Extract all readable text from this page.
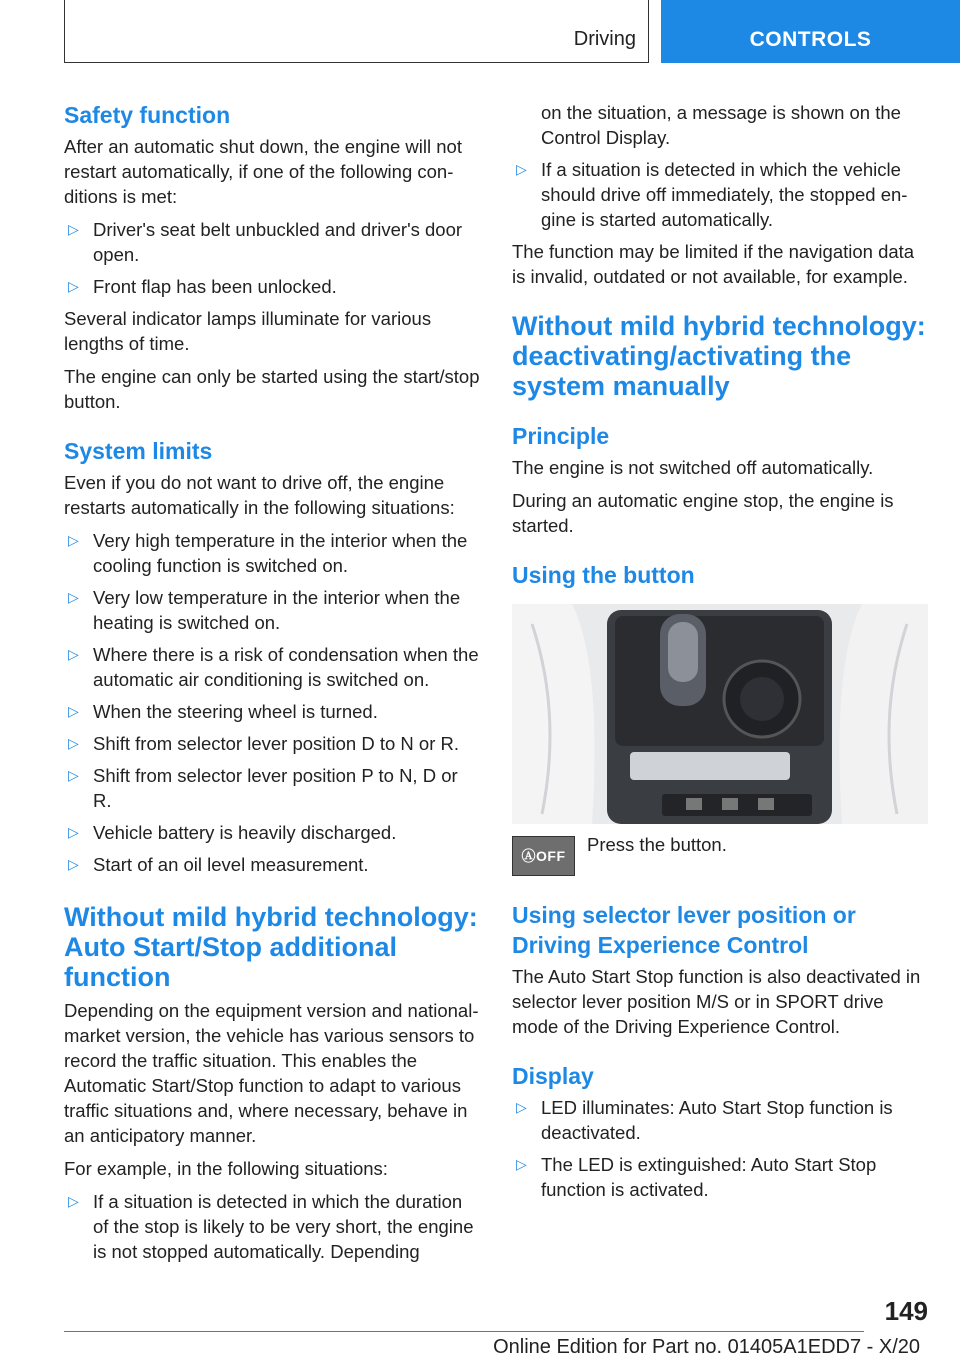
Driving	CONTROLS
Safety function

After an automatic shut down, the engine will not restart automatically, if one of the following conditions is met:

▷ Driver's seat belt unbuckled and driver's door open.
▷ Front flap has been unlocked.

Several indicator lamps illuminate for various lengths of time.

The engine can only be started using the start/stop button.

System limits

Even if you do not want to drive off, the engine restarts automatically in the following situations:

▷ Very high temperature in the interior when the cooling function is switched on.
▷ Very low temperature in the interior when the heating is switched on.
▷ Where there is a risk of condensation when the automatic air conditioning is switched on.
▷ When the steering wheel is turned.
▷ Shift from selector lever position D to N or R.
▷ Shift from selector lever position P to N, D or R.
▷ Vehicle battery is heavily discharged.
▷ Start of an oil level measurement.
Without mild hybrid technology: Auto Start/Stop additional function

Depending on the equipment version and national-market version, the vehicle has various sensors to record the traffic situation. This enables the Automatic Start/Stop function to adapt to various traffic situations and, where necessary, behave in an anticipatory manner.

For example, in the following situations:

▷ If a situation is detected in which the duration of the stop is likely to be very short, the engine is not stopped automatically. Depending
on the situation, a message is shown on the Control Display.
▷ If a situation is detected in which the vehicle should drive off immediately, the stopped engine is started automatically.

The function may be limited if the navigation data is invalid, outdated or not available, for example.

Without mild hybrid technology: deactivating/activating the system manually
Principle

The engine is not switched off automatically.

During an automatic engine stop, the engine is started.

Using the button
ⒶOFF
Press the button.
Using selector lever position or Driving Experience Control

The Auto Start Stop function is also deactivated in selector lever position M/S or in SPORT drive mode of the Driving Experience Control.

Display
▷ LED illuminates: Auto Start Stop function is deactivated.
▷ The LED is extinguished: Auto Start Stop function is activated.
149
Online Edition for Part no. 01405A1EDD7 - X/20
